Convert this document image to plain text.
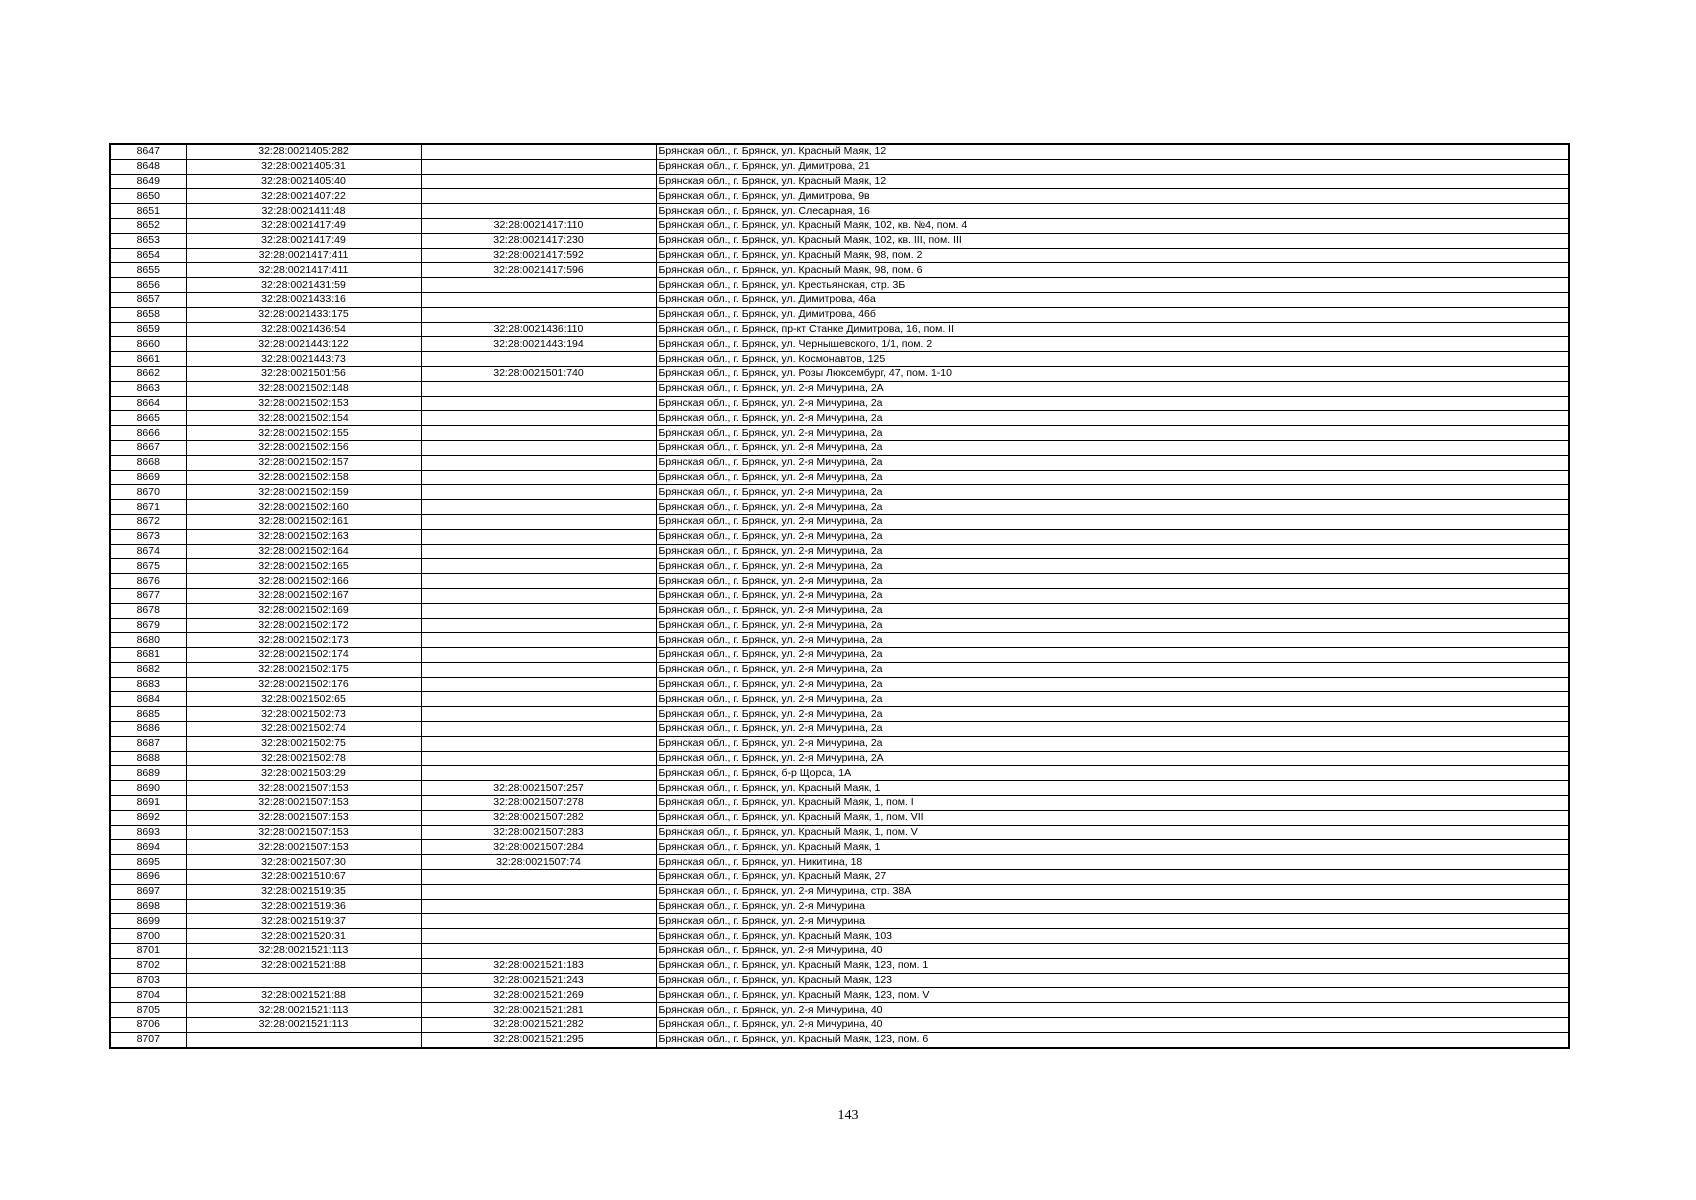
8647	32:28:0021405:282		Брянская обл., г. Брянск, ул. Красный Маяк, 12
8648	32:28:0021405:31		Брянская обл., г. Брянск, ул. Димитрова, 21
8649	32:28:0021405:40		Брянская обл., г. Брянск, ул. Красный Маяк, 12
8650	32:28:0021407:22		Брянская обл., г. Брянск, ул. Димитрова, 9в
8651	32:28:0021411:48		Брянская обл., г. Брянск, ул. Слесарная, 16
8652	32:28:0021417:49	32:28:0021417:110	Брянская обл., г. Брянск, ул. Красный Маяк, 102, кв. №4, пом. 4
8653	32:28:0021417:49	32:28:0021417:230	Брянская обл., г. Брянск, ул. Красный Маяк, 102, кв. III, пом. III
8654	32:28:0021417:411	32:28:0021417:592	Брянская обл., г. Брянск, ул. Красный Маяк, 98, пом. 2
8655	32:28:0021417:411	32:28:0021417:596	Брянская обл., г. Брянск, ул. Красный Маяк, 98, пом. 6
8656	32:28:0021431:59		Брянская обл., г. Брянск, ул. Крестьянская, стр. 3Б
8657	32:28:0021433:16		Брянская обл., г. Брянск, ул. Димитрова, 46а
8658	32:28:0021433:175		Брянская обл., г. Брянск, ул. Димитрова, 46б
8659	32:28:0021436:54	32:28:0021436:110	Брянская обл., г. Брянск, пр-кт Станке Димитрова, 16, пом. II
8660	32:28:0021443:122	32:28:0021443:194	Брянская обл., г. Брянск, ул. Чернышевского, 1/1, пом. 2
8661	32:28:0021443:73		Брянская обл., г. Брянск, ул. Космонавтов, 125
8662	32:28:0021501:56	32:28:0021501:740	Брянская обл., г. Брянск, ул. Розы Люксембург, 47, пом. 1-10
8663	32:28:0021502:148		Брянская обл., г. Брянск, ул. 2-я Мичурина, 2А
8664	32:28:0021502:153		Брянская обл., г. Брянск, ул. 2-я Мичурина, 2а
8665	32:28:0021502:154		Брянская обл., г. Брянск, ул. 2-я Мичурина, 2а
8666	32:28:0021502:155		Брянская обл., г. Брянск, ул. 2-я Мичурина, 2а
8667	32:28:0021502:156		Брянская обл., г. Брянск, ул. 2-я Мичурина, 2а
8668	32:28:0021502:157		Брянская обл., г. Брянск, ул. 2-я Мичурина, 2а
8669	32:28:0021502:158		Брянская обл., г. Брянск, ул. 2-я Мичурина, 2а
8670	32:28:0021502:159		Брянская обл., г. Брянск, ул. 2-я Мичурина, 2а
8671	32:28:0021502:160		Брянская обл., г. Брянск, ул. 2-я Мичурина, 2а
8672	32:28:0021502:161		Брянская обл., г. Брянск, ул. 2-я Мичурина, 2а
8673	32:28:0021502:163		Брянская обл., г. Брянск, ул. 2-я Мичурина, 2а
8674	32:28:0021502:164		Брянская обл., г. Брянск, ул. 2-я Мичурина, 2а
8675	32:28:0021502:165		Брянская обл., г. Брянск, ул. 2-я Мичурина, 2а
8676	32:28:0021502:166		Брянская обл., г. Брянск, ул. 2-я Мичурина, 2а
8677	32:28:0021502:167		Брянская обл., г. Брянск, ул. 2-я Мичурина, 2а
8678	32:28:0021502:169		Брянская обл., г. Брянск, ул. 2-я Мичурина, 2а
8679	32:28:0021502:172		Брянская обл., г. Брянск, ул. 2-я Мичурина, 2а
8680	32:28:0021502:173		Брянская обл., г. Брянск, ул. 2-я Мичурина, 2а
8681	32:28:0021502:174		Брянская обл., г. Брянск, ул. 2-я Мичурина, 2а
8682	32:28:0021502:175		Брянская обл., г. Брянск, ул. 2-я Мичурина, 2а
8683	32:28:0021502:176		Брянская обл., г. Брянск, ул. 2-я Мичурина, 2а
8684	32:28:0021502:65		Брянская обл., г. Брянск, ул. 2-я Мичурина, 2а
8685	32:28:0021502:73		Брянская обл., г. Брянск, ул. 2-я Мичурина, 2а
8686	32:28:0021502:74		Брянская обл., г. Брянск, ул. 2-я Мичурина, 2а
8687	32:28:0021502:75		Брянская обл., г. Брянск, ул. 2-я Мичурина, 2а
8688	32:28:0021502:78		Брянская обл., г. Брянск, ул. 2-я Мичурина, 2А
8689	32:28:0021503:29		Брянская обл., г. Брянск, б-р Щорса, 1А
8690	32:28:0021507:153	32:28:0021507:257	Брянская обл., г. Брянск, ул. Красный Маяк, 1
8691	32:28:0021507:153	32:28:0021507:278	Брянская обл., г. Брянск, ул. Красный Маяк, 1, пом. I
8692	32:28:0021507:153	32:28:0021507:282	Брянская обл., г. Брянск, ул. Красный Маяк, 1, пом. VII
8693	32:28:0021507:153	32:28:0021507:283	Брянская обл., г. Брянск, ул. Красный Маяк, 1, пом. V
8694	32:28:0021507:153	32:28:0021507:284	Брянская обл., г. Брянск, ул. Красный Маяк, 1
8695	32:28:0021507:30	32:28:0021507:74	Брянская обл., г. Брянск, ул. Никитина, 18
8696	32:28:0021510:67		Брянская обл., г. Брянск, ул. Красный Маяк, 27
8697	32:28:0021519:35		Брянская обл., г. Брянск, ул. 2-я Мичурина, стр. 38А
8698	32:28:0021519:36		Брянская обл., г. Брянск, ул. 2-я Мичурина
8699	32:28:0021519:37		Брянская обл., г. Брянск, ул. 2-я Мичурина
8700	32:28:0021520:31		Брянская обл., г. Брянск, ул. Красный Маяк, 103
8701	32:28:0021521:113		Брянская обл., г. Брянск, ул. 2-я Мичурина, 40
8702	32:28:0021521:88	32:28:0021521:183	Брянская обл., г. Брянск, ул. Красный Маяк, 123, пом. 1
8703		32:28:0021521:243	Брянская обл., г. Брянск, ул. Красный Маяк, 123
8704	32:28:0021521:88	32:28:0021521:269	Брянская обл., г. Брянск, ул. Красный Маяк, 123, пом. V
8705	32:28:0021521:113	32:28:0021521:281	Брянская обл., г. Брянск, ул. 2-я Мичурина, 40
8706	32:28:0021521:113	32:28:0021521:282	Брянская обл., г. Брянск, ул. 2-я Мичурина, 40
8707		32:28:0021521:295	Брянская обл., г. Брянск, ул. Красный Маяк, 123, пом. 6
143
